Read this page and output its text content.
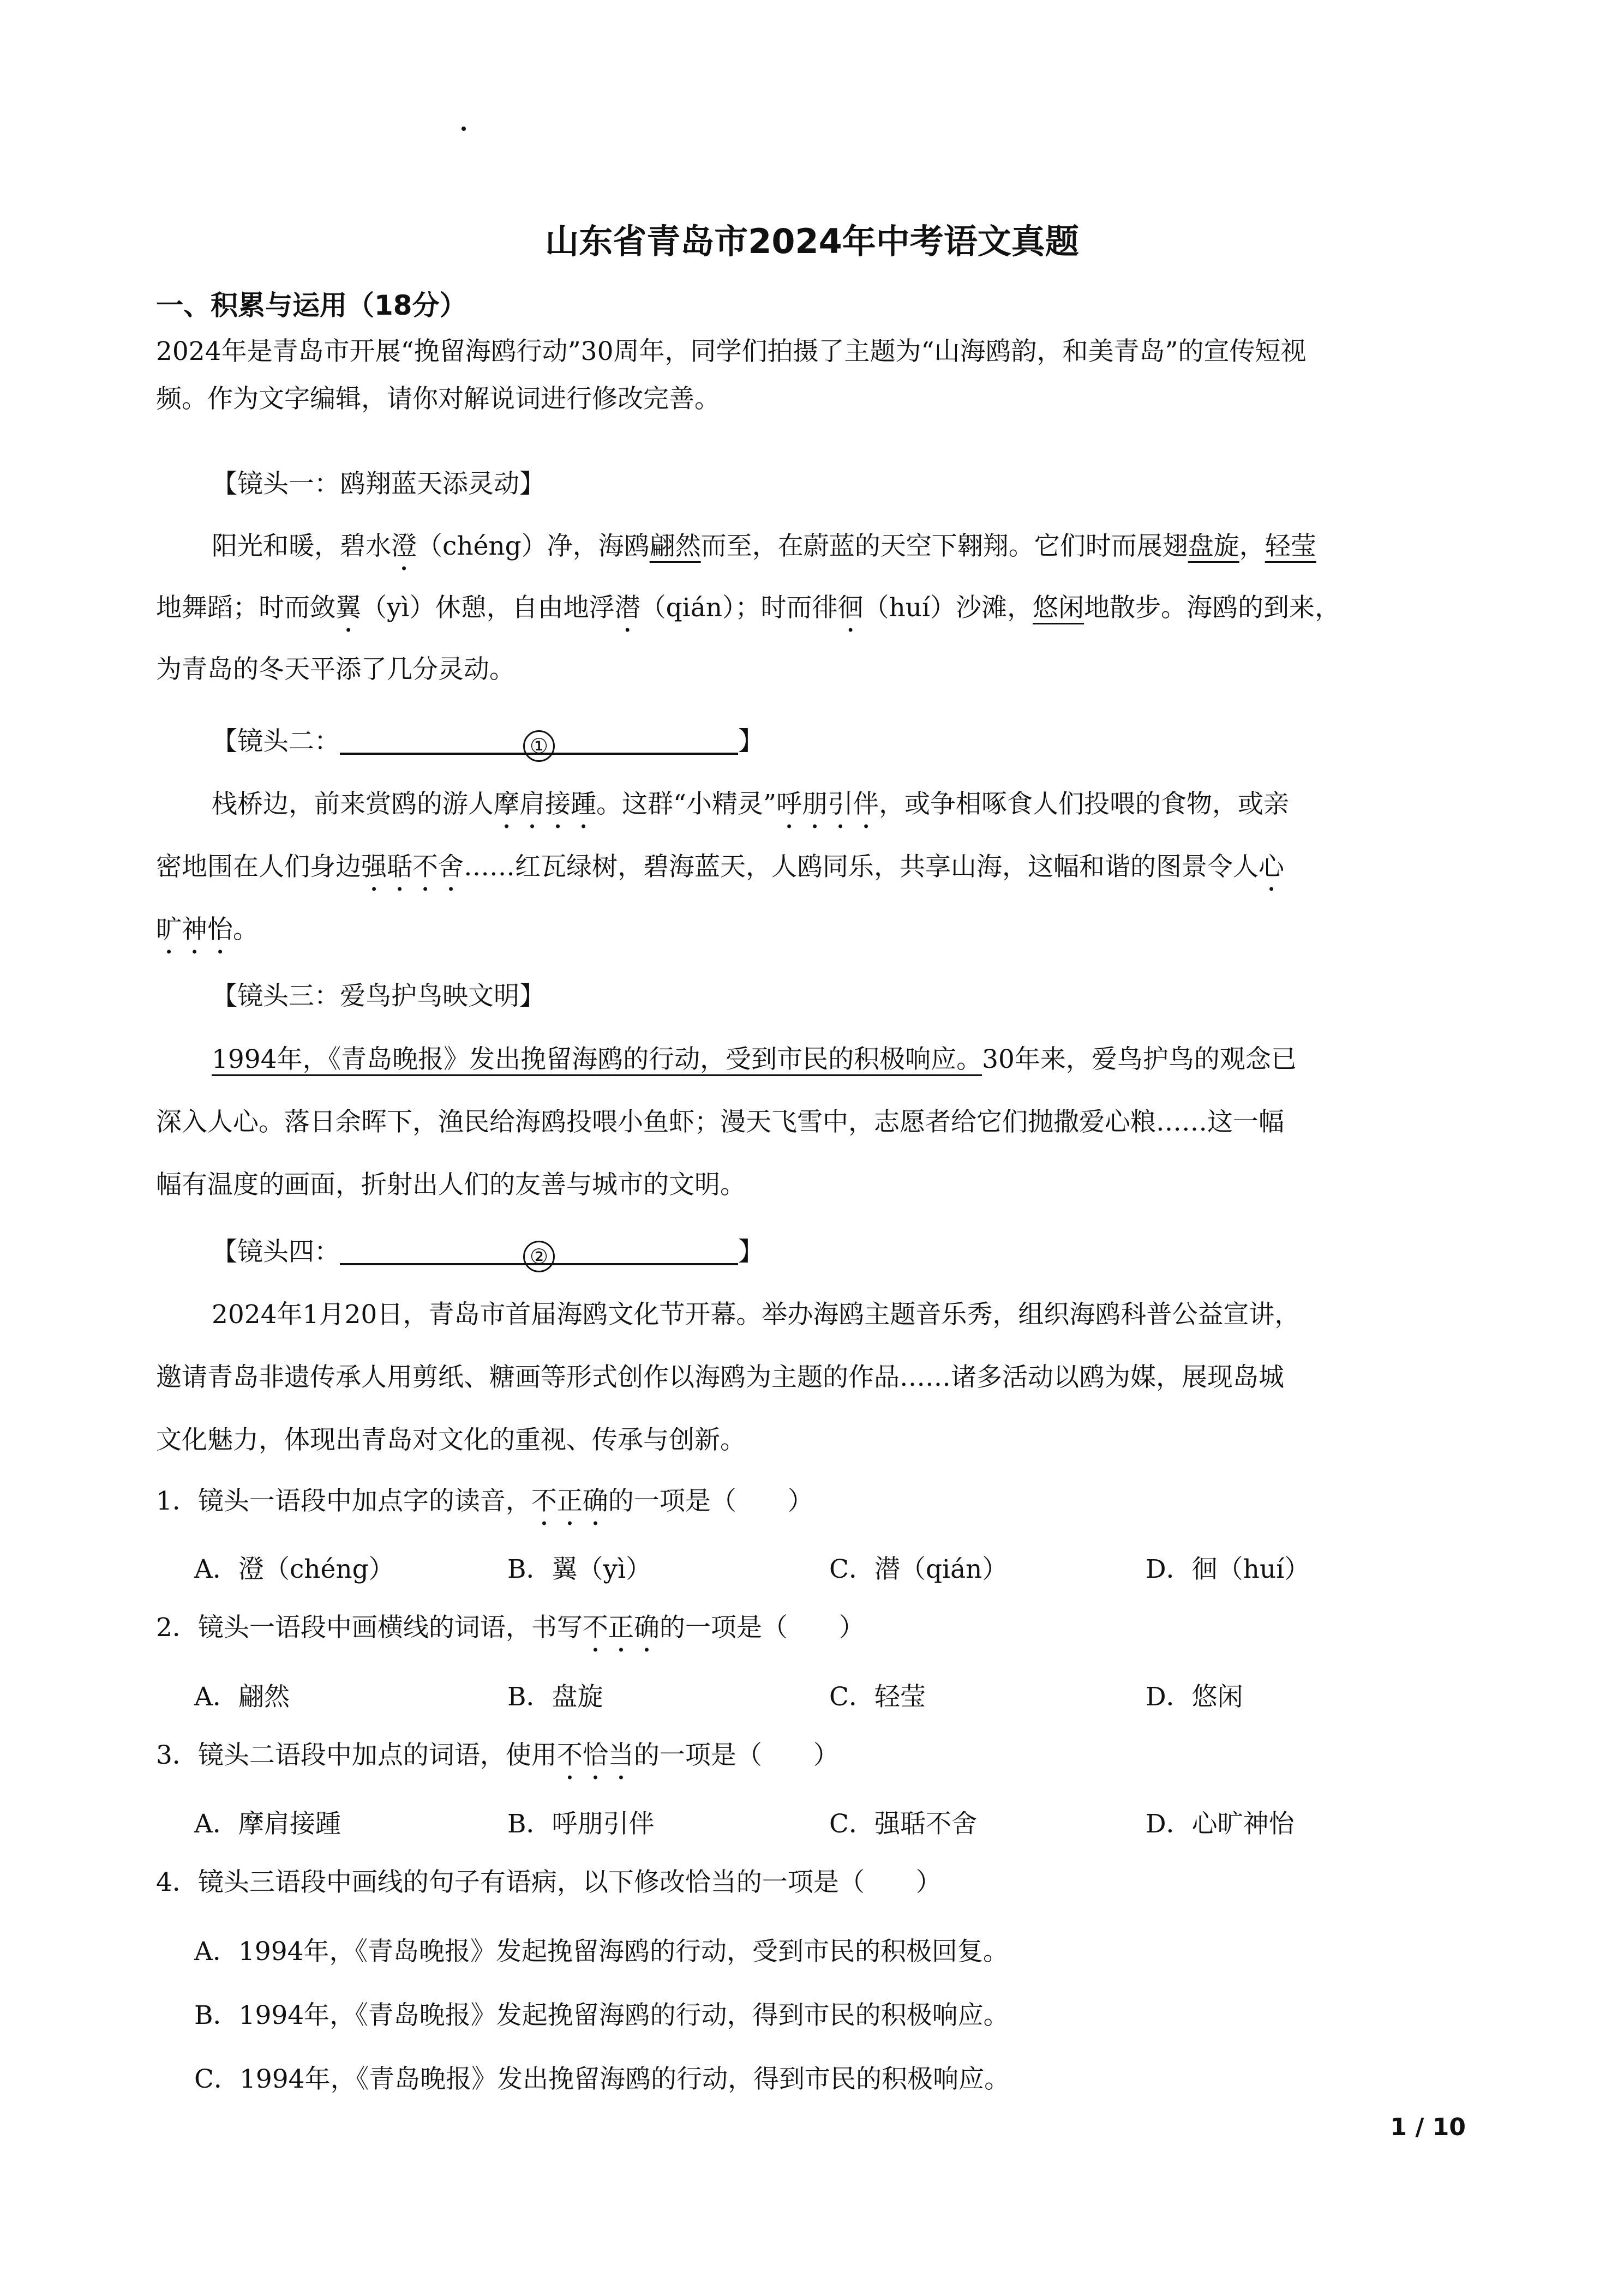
山东省青岛市2024年中考语文真题
一、积累与运用（18分）
2024年是青岛市开展“挽留海鸥行动”30周年，同学们拍摄了主题为“山海鸥韵，和美青岛”的宣传短视
频。作为文字编辑，请你对解说词进行修改完善。
【镜头一：鸥翔蓝天添灵动】
阳光和暖，碧水澄（chéng）净，海鸥翩然而至，在蔚蓝的天空下翱翔。它们时而展翅盘旋，轻莹
地舞蹈；时而敛翼（yì）休憩，自由地浮潜（qián）；时而徘徊（huí）沙滩，悠闲地散步。海鸥的到来，
为青岛的冬天平添了几分灵动。
【镜头二：	①	】
栈桥边，前来赏鸥的游人摩肩接踵。这群“小精灵”呼朋引伴，或争相啄食人们投喂的食物，或亲
密地围在人们身边强聒不舍……红瓦绿树，碧海蓝天，人鸥同乐，共享山海，这幅和谐的图景令人心
旷神怡。
【镜头三：爱鸟护鸟映文明】
1994年，《青岛晚报》发出挽留海鸥的行动，受到市民的积极响应。30年来，爱鸟护鸟的观念已
深入人心。落日余晖下，渔民给海鸥投喂小鱼虾；漫天飞雪中，志愿者给它们抛撒爱心粮……这一幅
幅有温度的画面，折射出人们的友善与城市的文明。
【镜头四：	②	】
2024年1月20日，青岛市首届海鸥文化节开幕。举办海鸥主题音乐秀，组织海鸥科普公益宣讲，
邀请青岛非遗传承人用剪纸、糖画等形式创作以海鸥为主题的作品……诸多活动以鸥为媒，展现岛城
文化魅力，体现出青岛对文化的重视、传承与创新。
1．镜头一语段中加点字的读音，不正确的一项是（　　）
A．澄（chéng）	B．翼（yì）	C．潜（qián）	D．徊（huí）
2．镜头一语段中画横线的词语，书写不正确的一项是（　　）
A．翩然	B．盘旋	C．轻莹	D．悠闲
3．镜头二语段中加点的词语，使用不恰当的一项是（　　）
A．摩肩接踵	B．呼朋引伴	C．强聒不舍	D．心旷神怡
4．镜头三语段中画线的句子有语病，以下修改恰当的一项是（　　）
A．1994年，《青岛晚报》发起挽留海鸥的行动，受到市民的积极回复。
B．1994年，《青岛晚报》发起挽留海鸥的行动，得到市民的积极响应。
C．1994年，《青岛晚报》发出挽留海鸥的行动，得到市民的积极响应。
1 / 10
